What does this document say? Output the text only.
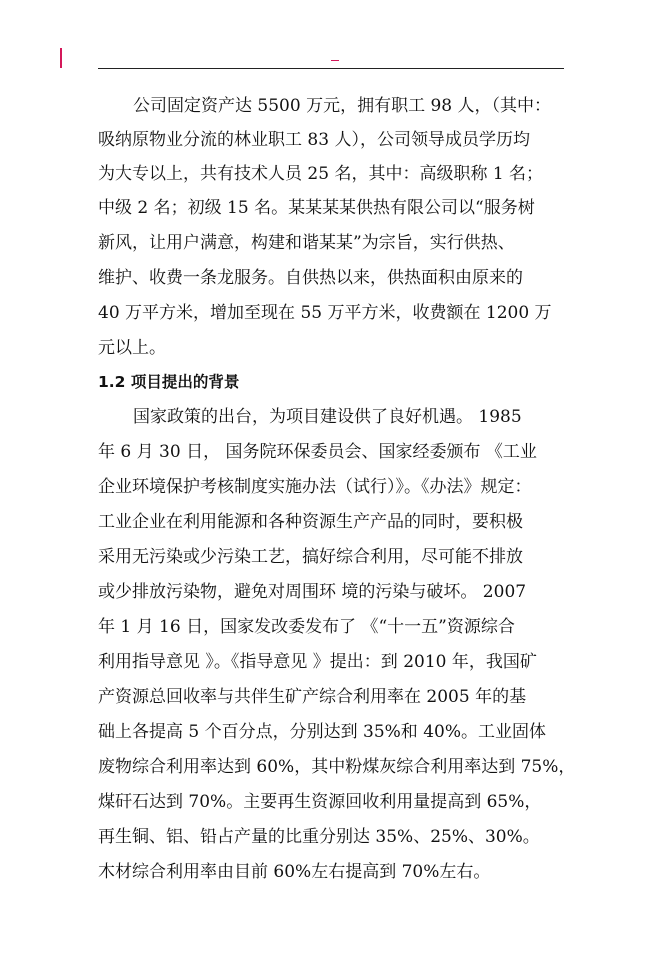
公司固定资产达 5500 万元，拥有职工 98 人，（其中：
吸纳原物业分流的林业职工 83 人），公司领导成员学历均
为大专以上，共有技术人员 25 名，其中：高级职称 1 名；
中级 2 名；初级 15 名。某某某某供热有限公司以“服务树
新风，让用户满意，构建和谐某某”为宗旨，实行供热、
维护、收费一条龙服务。自供热以来，供热面积由原来的
40 万平方米，增加至现在 55 万平方米，收费额在 1200 万
元以上。
1.2 项目提出的背景
国家政策的出台，为项目建设供了良好机遇。 1985
年 6 月 30 日， 国务院环保委员会、国家经委颁布 《工业
企业环境保护考核制度实施办法（试行）》。《办法》规定：
工业企业在利用能源和各种资源生产产品的同时，要积极
采用无污染或少污染工艺，搞好综合利用，尽可能不排放
或少排放污染物，避免对周围环 境的污染与破坏。 2007
年 1 月 16 日，国家发改委发布了 《“十一五”资源综合
利用指导意见 》。《指导意见 》提出：到 2010 年，我国矿
产资源总回收率与共伴生矿产综合利用率在 2005 年的基
础上各提高 5 个百分点，分别达到 35%和 40%。工业固体
废物综合利用率达到 60%，其中粉煤灰综合利用率达到 75%，
煤矸石达到 70%。主要再生资源回收利用量提高到 65%，
再生铜、铝、铅占产量的比重分别达 35%、25%、30%。
木材综合利用率由目前 60%左右提高到 70%左右。
